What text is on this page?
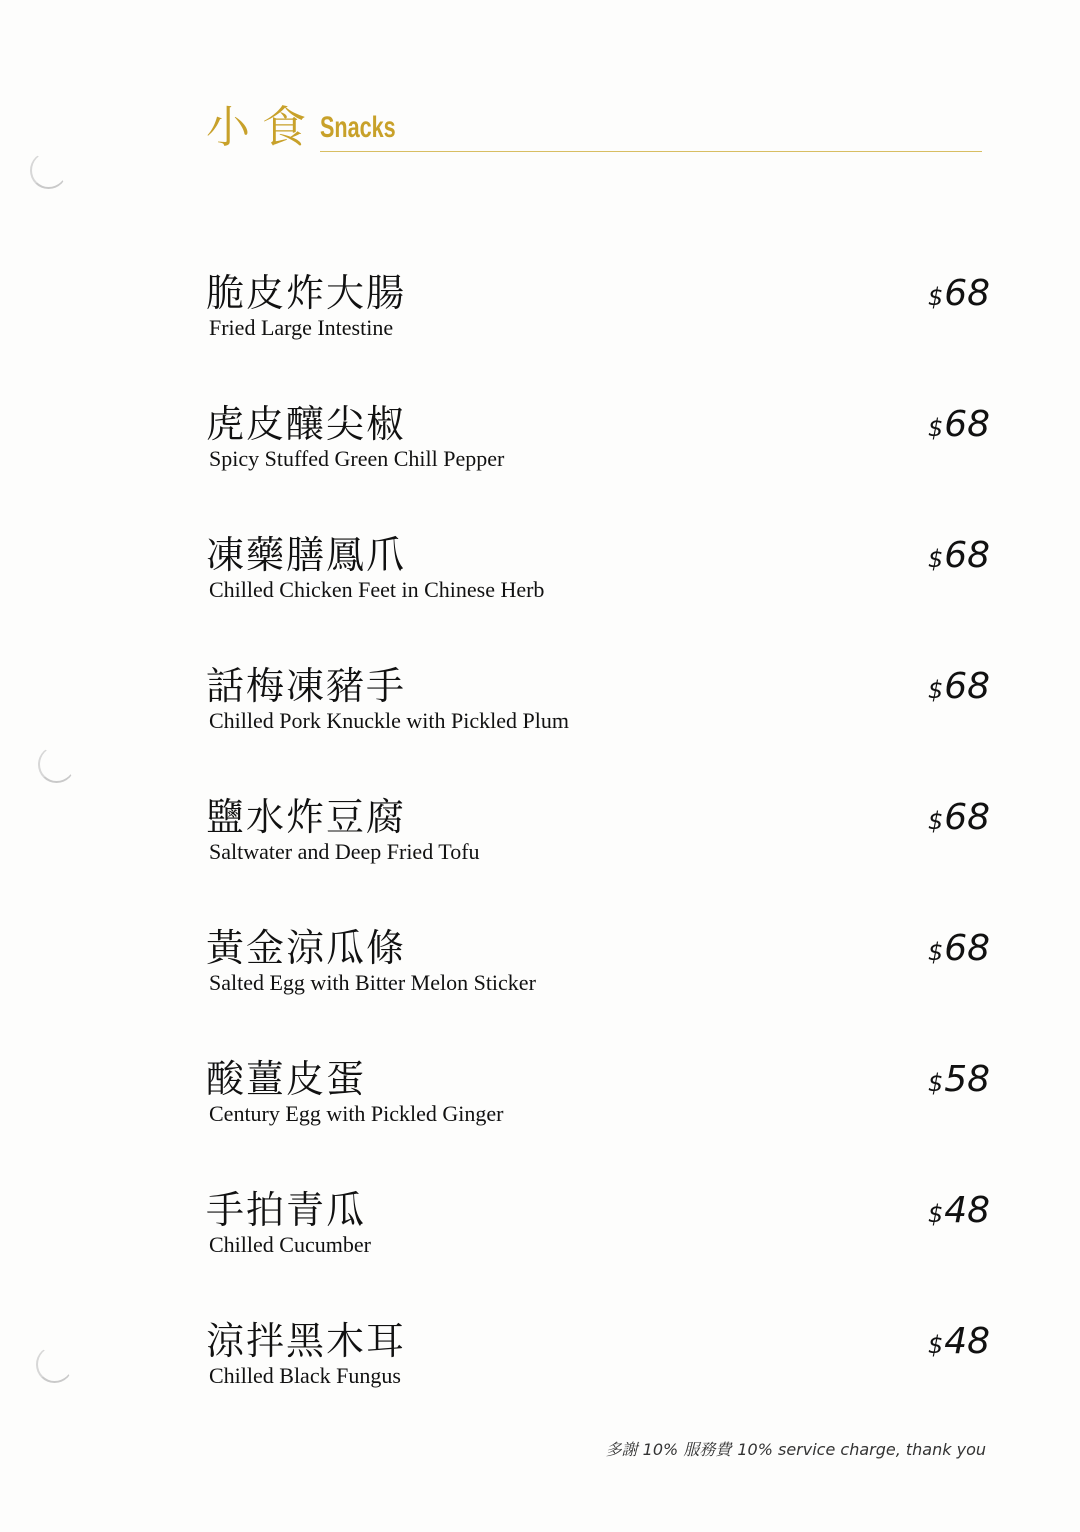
小食 Snacks
脆皮炸大腸
Fried Large Intestine
$68
虎皮釀尖椒
Spicy Stuffed Green Chill Pepper
$68
凍藥膳鳳爪
Chilled Chicken Feet in Chinese Herb
$68
話梅凍豬手
Chilled Pork Knuckle with Pickled Plum
$68
鹽水炸豆腐
Saltwater and Deep Fried Tofu
$68
黃金涼瓜條
Salted Egg with Bitter Melon Sticker
$68
酸薑皮蛋
Century Egg with Pickled Ginger
$58
手拍青瓜
Chilled Cucumber
$48
涼拌黑木耳
Chilled Black Fungus
$48
多謝 10% 服務費 10% service charge, thank you
